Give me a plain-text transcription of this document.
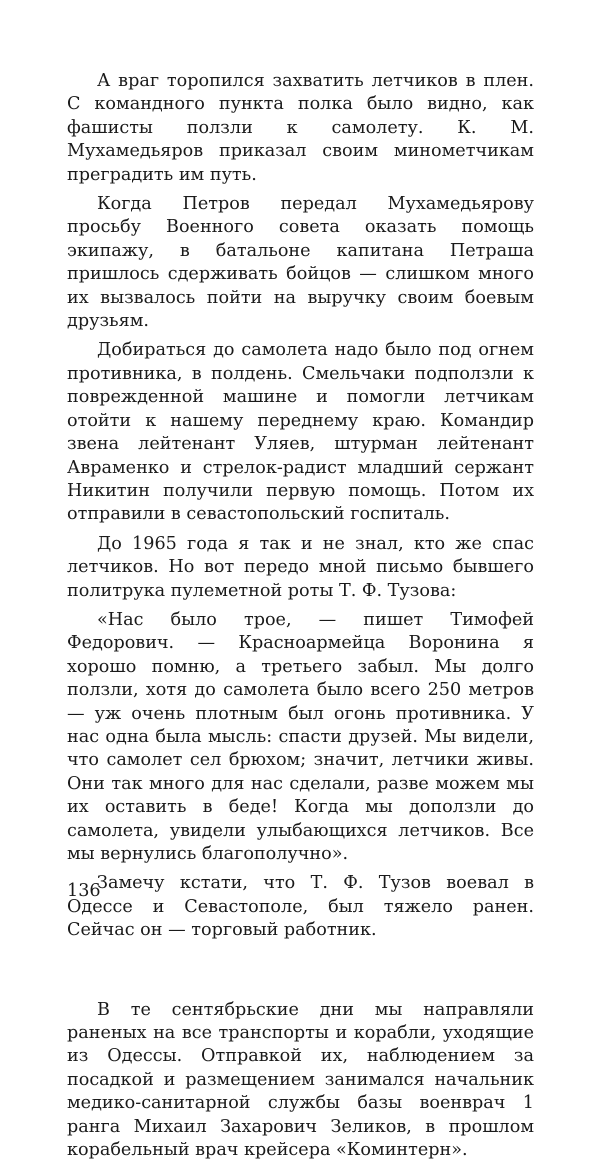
А враг торопился захватить летчиков в плен. С командного пункта полка было видно, как фашисты ползли к самолету. К. М. Мухамедьяров приказал своим минометчикам преградить им путь.

Когда Петров передал Мухамедьярову просьбу Военного совета оказать помощь экипажу, в батальоне капитана Петраша пришлось сдерживать бойцов — слишком много их вызвалось пойти на выручку своим боевым друзьям.

Добираться до самолета надо было под огнем противника, в полдень. Смельчаки подползли к поврежденной машине и помогли летчикам отойти к нашему переднему краю. Командир звена лейтенант Уляев, штурман лейтенант Авраменко и стрелок-радист младший сержант Никитин получили первую помощь. Потом их отправили в севастопольский госпиталь.

До 1965 года я так и не знал, кто же спас летчиков. Но вот передо мной письмо бывшего политрука пулеметной роты Т. Ф. Тузова:

«Нас было трое, — пишет Тимофей Федорович. — Красноармейца Воронина я хорошо помню, а третьего забыл. Мы долго ползли, хотя до самолета было всего 250 метров — уж очень плотным был огонь противника. У нас одна была мысль: спасти друзей. Мы видели, что самолет сел брюхом; значит, летчики живы. Они так много для нас сделали, разве можем мы их оставить в беде! Когда мы доползли до самолета, увидели улыбающихся летчиков. Все мы вернулись благополучно».

Замечу кстати, что Т. Ф. Тузов воевал в Одессе и Севастополе, был тяжело ранен. Сейчас он — торговый работник.

В те сентябрьские дни мы направляли раненых на все транспорты и корабли, уходящие из Одессы. Отправкой их, наблюдением за посадкой и размещением занимался начальник медико-санитарной службы базы военврач 1 ранга Михаил Захарович Зеликов, в прошлом корабельный врач крейсера «Коминтерн».

136
